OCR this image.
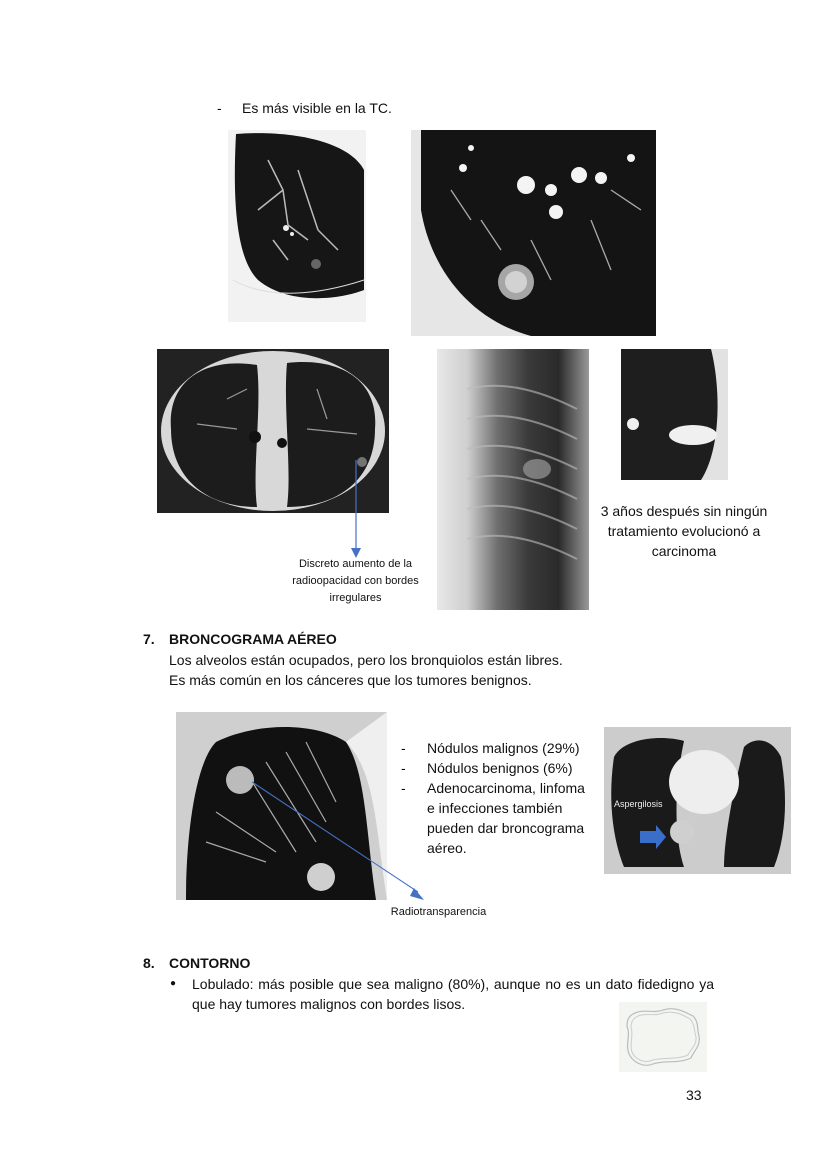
- Es más visible en la TC.
Discreto aumento de la radioopacidad con bordes irregulares
3 años después sin ningún tratamiento evolucionó a carcinoma
7. BRONCOGRAMA AÉREO
Los alveolos están ocupados, pero los bronquiolos están libres.
Es más común en los cánceres que los tumores benignos.
Radiotransparencia
- Nódulos malignos (29%)
- Nódulos benignos (6%)
- Adenocarcinoma, linfoma e infecciones también pueden dar broncograma aéreo.
Aspergilosis
8. CONTORNO
●	Lobulado: más posible que sea maligno (80%), aunque no es un dato fidedigno ya que hay tumores malignos con bordes lisos.
33
